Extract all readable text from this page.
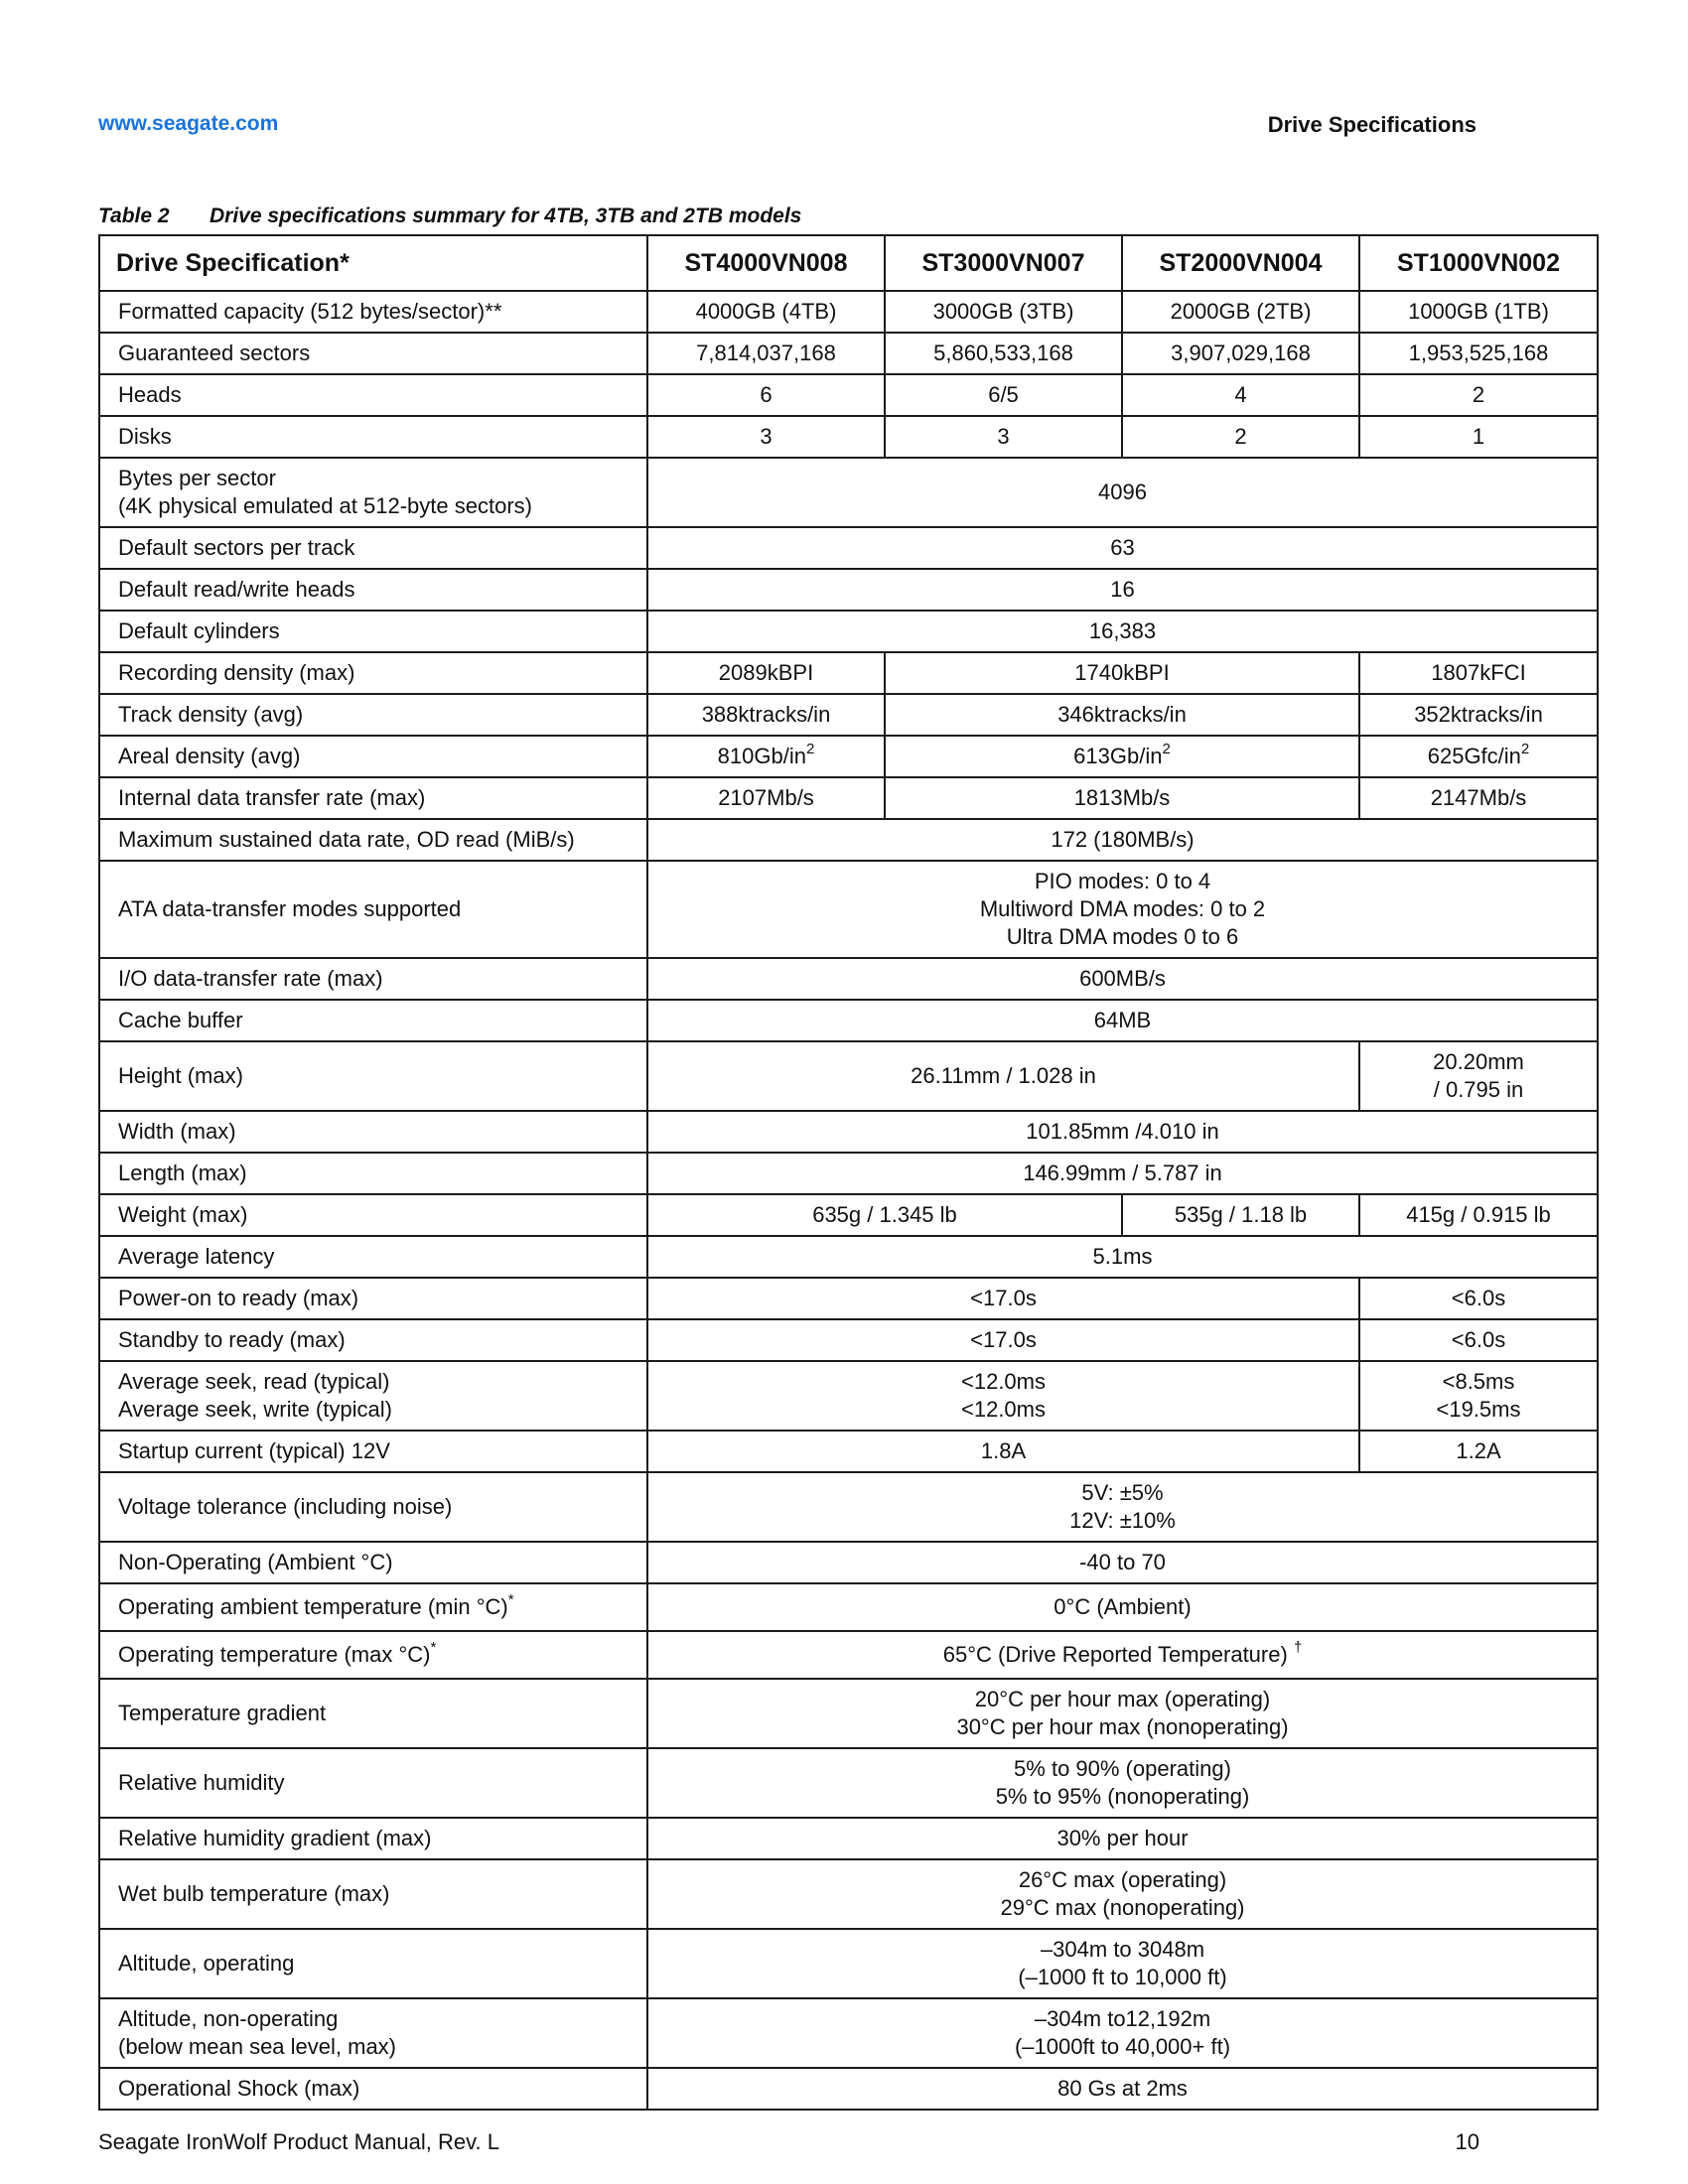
www.seagate.com	Drive Specifications
Table 2 Drive specifications summary for 4TB, 3TB and 2TB models
Drive Specification*	ST4000VN008	ST3000VN007	ST2000VN004	ST1000VN002
Formatted capacity (512 bytes/sector)**	4000GB (4TB)	3000GB (3TB)	2000GB (2TB)	1000GB (1TB)
Guaranteed sectors	7,814,037,168	5,860,533,168	3,907,029,168	1,953,525,168
Heads	6	6/5	4	2
Disks	3	3	2	1

Bytes per sector
(4K physical emulated at 512-byte sectors)	4096			
Default sectors per track	63			
Default read/write heads	16			
Default cylinders	16,383			
Recording density (max)	2089kBPI	1740kBPI		1807kFCI
Track density (avg)	388ktracks/in	346ktracks/in		352ktracks/in
Areal density (avg)	$810Gb/in^2$	$613Gb/in^2$		$625Gfc/in^2$
Internal data transfer rate (max)	2107Mb/s	1813Mb/s		2147Mb/s
Maximum sustained data rate, OD read (MiB/s)	172 (180MB/s)			
ATA data-transfer modes supported	PIO modes: 0 to 4
Multiword DMA modes: 0 to 2
Ultra DMA modes 0 to 6			

I/O data-transfer rate (max)	600MB/s			
Cache buffer	64MB			
Height (max)	26.11mm / 1.028 in			20.20mm
/ 0.795 in

Width (max)	101.85mm /4.010 in			
Length (max)	146.99mm / 5.787 in			
Weight (max)	635g / 1.345 lb		535g / 1.18 lb	415g / 0.915 lb
Average latency	5.1ms			
Power-on to ready (max)	<17.0s			<6.0s
Standby to ready (max)	<17.0s			<6.0s

Average seek, read (typical)
Average seek, write (typical)	<12.0ms
<12.0ms			<8.5ms
<19.5ms

Startup current (typical) 12V	1.8A			1.2A
Voltage tolerance (including noise)	5V: ±5%
12V: ±10%			

Non-Operating (Ambient °C)	-40 to 70			
Operating ambient temperature (min °C)*	0°C (Ambient)			
Operating temperature (max °C)*	65°C (Drive Reported Temperature) †
Temperature gradient	20°C per hour max (operating)
30°C per hour max (nonoperating)			

Relative humidity	5% to 90% (operating)
5% to 95% (nonoperating)			

Relative humidity gradient (max)	30% per hour			
Wet bulb temperature (max)	26°C max (operating)
29°C max (nonoperating)			

Altitude, operating	–304m to 3048m
(–1000 ft to 10,000 ft)			

Altitude, non-operating
(below mean sea level, max)	–304m to12,192m
(–1000ft to 40,000+ ft)			

Operational Shock (max)	80 Gs at 2ms			
Seagate IronWolf Product Manual, Rev. L	10
